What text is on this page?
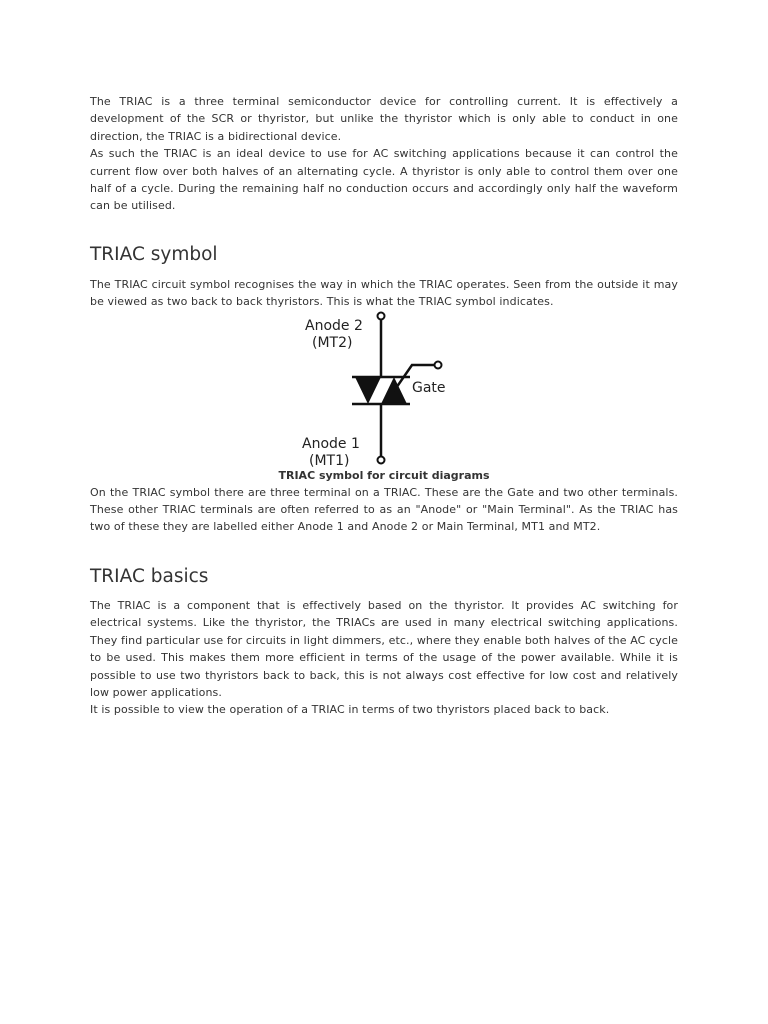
The TRIAC is a three terminal semiconductor device for controlling current. It is effectively a development of the SCR or thyristor, but unlike the thyristor which is only able to conduct in one direction, the TRIAC is a bidirectional device.

As such the TRIAC is an ideal device to use for AC switching applications because it can control the current flow over both halves of an alternating cycle. A thyristor is only able to control them over one half of a cycle. During the remaining half no conduction occurs and accordingly only half the waveform can be utilised.

TRIAC symbol

The TRIAC circuit symbol recognises the way in which the TRIAC operates. Seen from the outside it may be viewed as two back to back thyristors. This is what the TRIAC symbol indicates.

Anode 2
(MT2)
Gate
Anode 1
(MT1)

TRIAC symbol for circuit diagrams

On the TRIAC symbol there are three terminal on a TRIAC. These are the Gate and two other terminals. These other TRIAC terminals are often referred to as an "Anode" or "Main Terminal". As the TRIAC has two of these they are labelled either Anode 1 and Anode 2 or Main Terminal, MT1 and MT2.

TRIAC basics

The TRIAC is a component that is effectively based on the thyristor. It provides AC switching for electrical systems. Like the thyristor, the TRIACs are used in many electrical switching applications. They find particular use for circuits in light dimmers, etc., where they enable both halves of the AC cycle to be used. This makes them more efficient in terms of the usage of the power available. While it is possible to use two thyristors back to back, this is not always cost effective for low cost and relatively low power applications.

It is possible to view the operation of a TRIAC in terms of two thyristors placed back to back.
